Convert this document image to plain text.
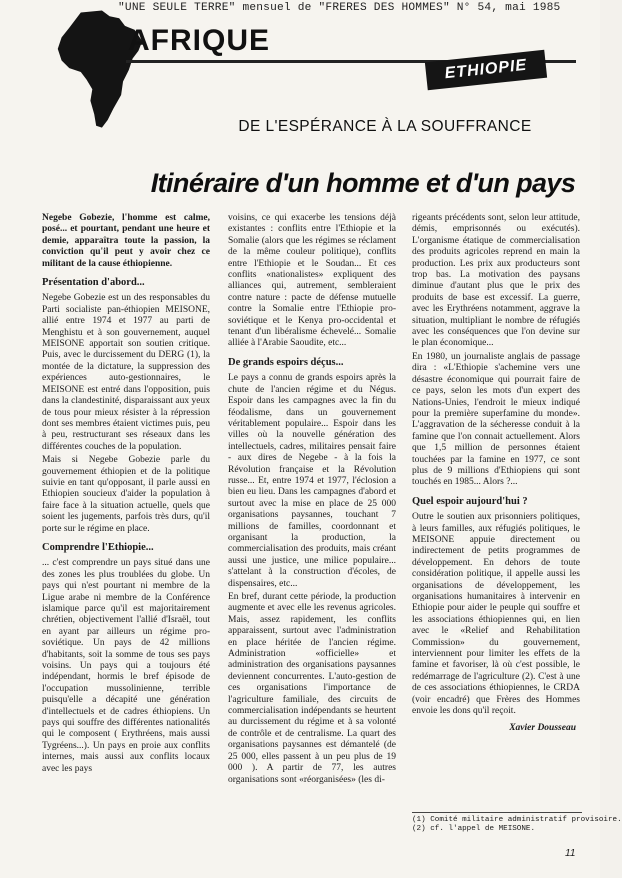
"UNE SEULE TERRE" mensuel de "FRERES DES HOMMES" N° 54, mai 1985
AFRIQUE
ETHIOPIE
DE L'ESPÉRANCE À LA SOUFFRANCE
Itinéraire d'un homme et d'un pays

Negebe Gobezie, l'homme est calme, posé... et pourtant, pendant une heure et demie, apparaîtra toute la passion, la conviction qu'il peut y avoir chez ce militant de la cause éthiopienne.

Présentation d'abord...

Negebe Gobezie est un des responsables du Parti socialiste pan-éthiopien MEISONE, allié entre 1974 et 1977 au parti de Menghistu et à son gouvernement, auquel MEISONE apportait son soutien critique. Puis, avec le durcissement du DERG (1), la montée de la dictature, la suppression des expériences auto-gestionnaires, le MEISONE est entré dans l'opposition, puis dans la clandestinité, disparaissant aux yeux de tous pour mieux résister à la répression dont ses membres étaient victimes puis, peu à peu, restructurant ses réseaux dans les différentes couches de la population.

Mais si Negebe Gobezie parle du gouvernement éthiopien et de la politique suivie en tant qu'opposant, il parle aussi en Ethiopien soucieux d'aider la population à faire face à la situation actuelle, quels que soient les jugements, parfois très durs, qu'il porte sur le régime en place.

Comprendre l'Ethiopie...

... c'est comprendre un pays situé dans une des zones les plus troublées du globe. Un pays qui n'est pourtant ni membre de la Ligue arabe ni membre de la Conférence islamique parce qu'il est majoritairement chrétien, objectivement l'allié d'Israël, tout en ayant par ailleurs un régime pro-soviétique. Un pays de 42 millions d'habitants, soit la somme de tous ses pays voisins. Un pays qui a toujours été indépendant, hormis le bref épisode de l'occupation mussolinienne, terrible puisqu'elle a décapité une génération d'intellectuels et de cadres éthiopiens. Un pays qui souffre des différentes nationalités qui le composent ( Erythréens, mais aussi Tygréens...). Un pays en proie aux conflits internes, mais aussi aux conflits locaux avec les pays

voisins, ce qui exacerbe les tensions déjà existantes : conflits entre l'Ethiopie et la Somalie (alors que les régimes se réclament de la même couleur politique), conflits entre l'Ethiopie et le Soudan... Et ces conflits «nationalistes» expliquent des alliances qui, autrement, sembleraient contre nature : pacte de défense mutuelle contre la Somalie entre l'Ethiopie pro-soviétique et le Kenya pro-occidental et tenant d'un libéralisme échevelé... Somalie alliée à l'Arabie Saoudite, etc...

De grands espoirs déçus...

Le pays a connu de grands espoirs après la chute de l'ancien régime et du Négus. Espoir dans les campagnes avec la fin du féodalisme, dans un gouvernement véritablement populaire... Espoir dans les villes où la nouvelle génération des intellectuels, cadres, militaires pensait faire - aux dires de Negebe - à la fois la Révolution française et la Révolution russe... Et, entre 1974 et 1977, l'éclosion a bien eu lieu. Dans les campagnes d'abord et surtout avec la mise en place de 25 000 organisations paysannes, touchant 7 millions de familles, coordonnant et organisant la production, la commercialisation des produits, mais créant aussi une justice, une milice populaire... s'attelant à la construction d'écoles, de dispensaires, etc...

En bref, durant cette période, la production augmente et avec elle les revenus agricoles. Mais, assez rapidement, les conflits apparaissent, surtout avec l'administration en place héritée de l'ancien régime. Administration «officielle» et administration des organisations paysannes deviennent concurrentes. L'auto-gestion de ces organisations l'importance de l'agriculture familiale, des circuits de commercialisation indépendants se heurtent au durcissement du régime et à sa volonté de contrôle et de centralisme. La quart des organisations paysannes est démantelé (de 25 000, elles passent à un peu plus de 19 000 ). A partir de 77, les autres organisations sont «réorganisées» (les di-

rigeants précédents sont, selon leur attitude, démis, emprisonnés ou exécutés). L'organisme étatique de commercialisation des produits agricoles reprend en main la production. Les prix aux producteurs sont trop bas. La motivation des paysans diminue d'autant plus que le prix des produits de base est excessif. La guerre, avec les Erythréens notamment, aggrave la situation, multipliant le nombre de réfugiés avec les conséquences que l'on devine sur le plan économique...

En 1980, un journaliste anglais de passage dira : «L'Ethiopie s'achemine vers une désastre économique qui pourrait faire de ce pays, selon les mots d'un expert des Nations-Unies, l'endroit le mieux indiqué pour la première superfamine du monde». L'aggravation de la sécheresse conduit à la famine que l'on connait actuellement. Alors que 1,5 million de personnes étaient touchées par la famine en 1977, ce sont plus de 9 millions d'Ethiopiens qui sont touchés en 1985... Alors ?...

Quel espoir aujourd'hui ?

Outre le soutien aux prisonniers politiques, à leurs familles, aux réfugiés politiques, le MEISONE appuie directement ou indirectement de petits programmes de développement. En dehors de toute considération politique, il appelle aussi les organisations de développement, les organisations humanitaires à intervenir en Ethiopie pour aider le peuple qui souffre et les associations éthiopiennes qui, en lien avec le «Relief and Rehabilitation Commission» du gouvernement, interviennent pour limiter les effets de la famine et favoriser, là où c'est possible, le redémarrage de l'agriculture (2). C'est à une de ces associations éthiopiennes, le CRDA (voir encadré) que Frères des Hommes envoie les dons qu'il reçoit.

Xavier Dousseau

(1) Comité militaire administratif provisoire.
(2) cf. l'appel de MEISONE.
11
